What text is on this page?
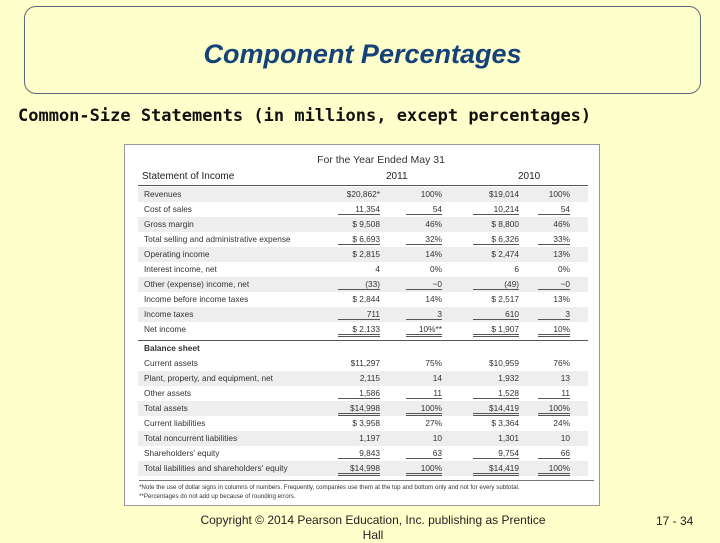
Component Percentages
Common-Size Statements (in millions, except percentages)
For the Year Ended May 31
Statement of Income	2011	2010
Revenues	$20,862*	100%	$19,014	100%
Cost of sales	11,354	54	10,214	54
Gross margin	$ 9,508	46%	$ 8,800	46%
Total selling and administrative expense	$ 6,693	32%	$ 6,326	33%
Operating income	$ 2,815	14%	$ 2,474	13%
Interest income, net	4	0%	6	0%
Other (expense) income, net	(33)	~0	(49)	~0
Income before income taxes	$ 2,844	14%	$ 2,517	13%
Income taxes	711	3	610	3
Net income	$ 2,133	10%**	$ 1,907	10%
Balance sheet
Current assets	$11,297	75%	$10,959	76%
Plant, property, and equipment, net	2,115	14	1,932	13
Other assets	1,586	11	1,528	11
Total assets	$14,998	100%	$14,419	100%
Current liabilities	$ 3,958	27%	$ 3,364	24%
Total noncurrent liabilities	1,197	10	1,301	10
Shareholders' equity	9,843	63	9,754	66
Total liabilities and shareholders' equity	$14,998	100%	$14,419	100%
*Note the use of dollar signs in columns of numbers. Frequently, companies use them at the top and bottom only and not for every subtotal.
**Percentages do not add up because of rounding errors.
Copyright © 2014 Pearson Education, Inc. publishing as Prentice Hall
17 - 34
